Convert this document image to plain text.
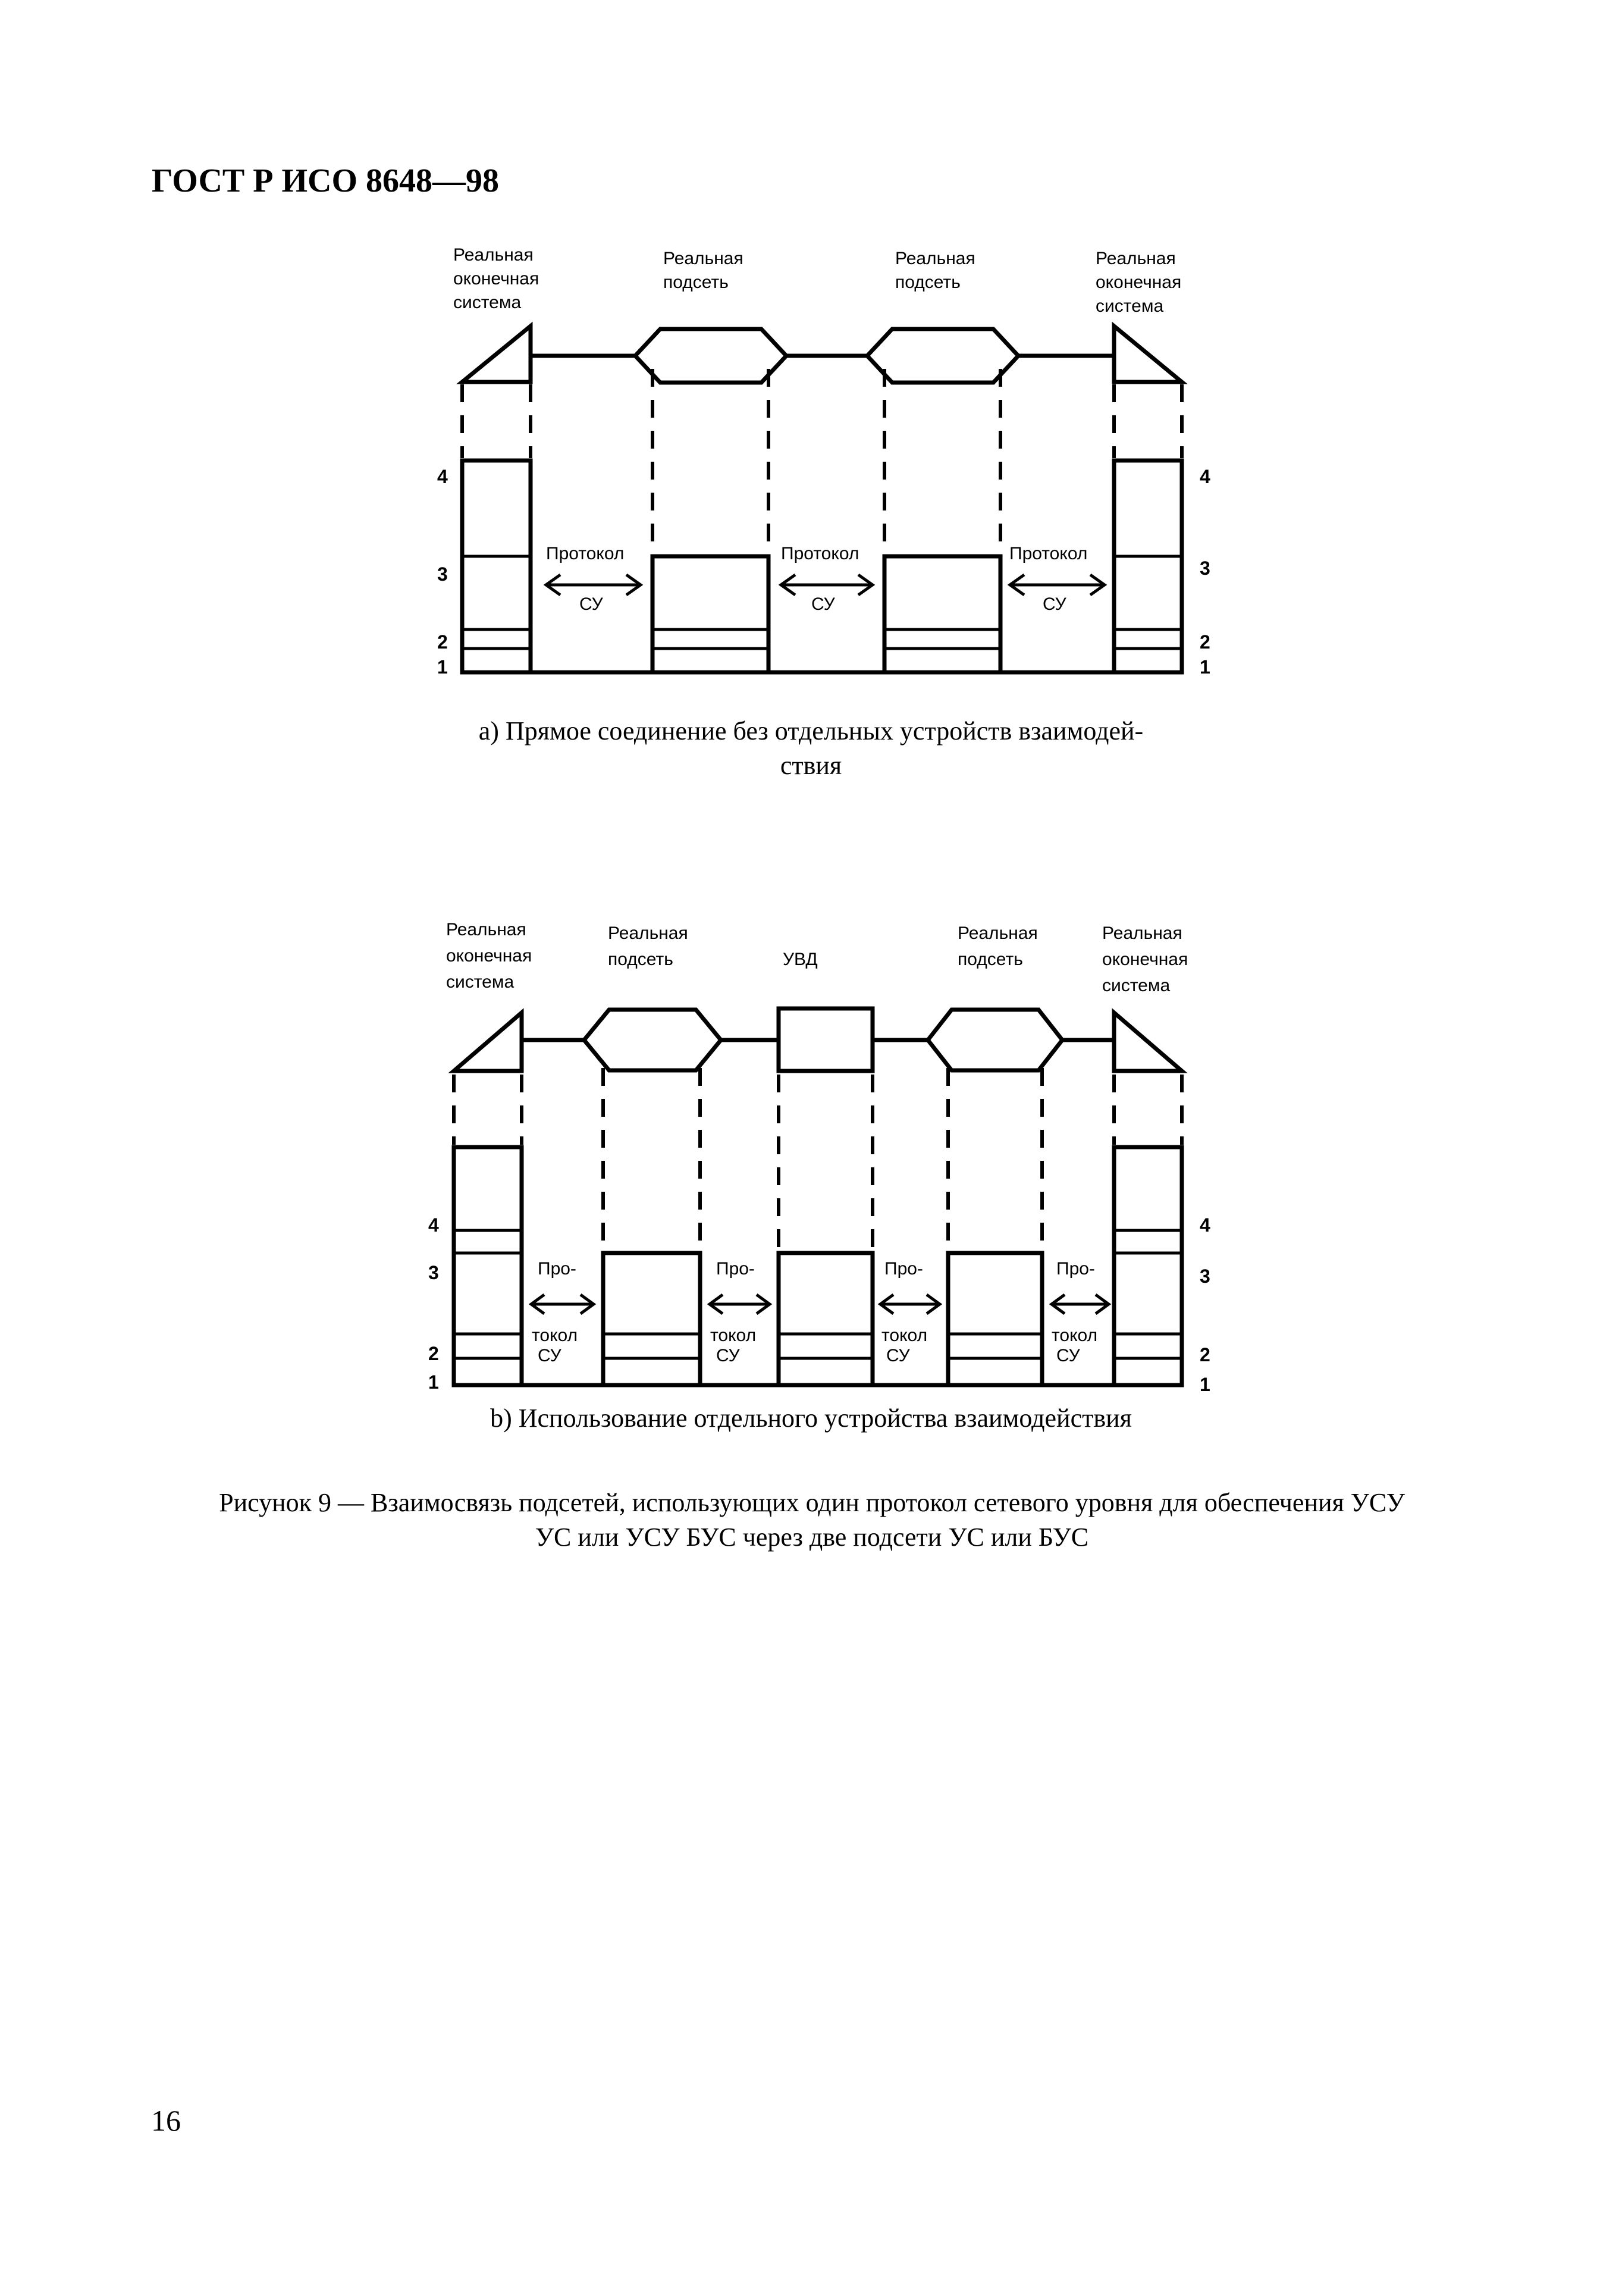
ГОСТ Р ИСО 8648—98
Реальная
оконечная
система
Реальная
подсеть
Реальная
подсеть
Реальная
оконечная
система
Протокол
СУ
Протокол
СУ
Протокол
СУ
4
3
2
1
4
3
2
1
а) Прямое соединение без отдельных устройств взаимодей-
ствия
Реальная
оконечная
система
Реальная
подсеть	УВД
Реальная
подсеть
Реальная
оконечная
система
Про-
токол
СУ
Про-
токол
СУ
Про-
токол
СУ
Про-
токол
СУ
4
3
2
1
4
3
2
1
b) Использование отдельного устройства взаимодействия
Рисунок 9 — Взаимосвязь подсетей, использующих один протокол сетевого уровня для обеспечения УСУ
УС или УСУ БУС через две подсети УС или БУС
16
